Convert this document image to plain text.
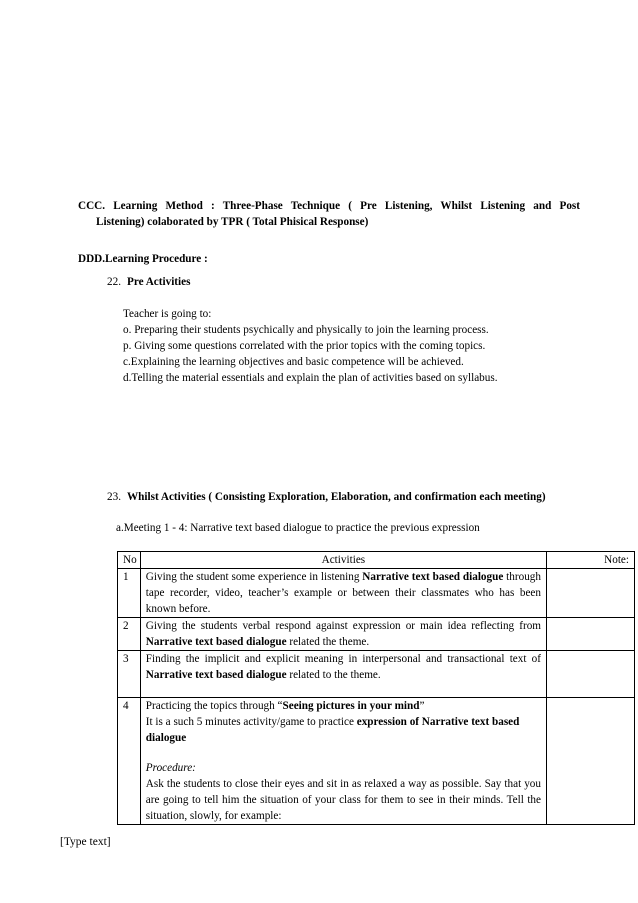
CCC. Learning Method : Three-Phase Technique ( Pre Listening, Whilst Listening and Post
Listening) colaborated by TPR ( Total Phisical Response)
DDD.Learning Procedure :
22. Pre Activities
Teacher is going to:
o. Preparing their students psychically and physically to join the learning process.
p. Giving some questions correlated with the prior topics with the coming topics.
c.Explaining the learning objectives and basic competence will be achieved.
d.Telling the material essentials and explain the plan of activities based on syllabus.
23. Whilst Activities ( Consisting Exploration, Elaboration, and confirmation each meeting)
a.Meeting 1 - 4: Narrative text based dialogue to practice the previous expression
No	Activities	Note:
1	Giving the student some experience in listening Narrative text based dialogue through tape recorder, video, teacher’s example or between their classmates who has been known before.	
2	Giving the students verbal respond against expression or main idea reflecting from Narrative text based dialogue related the theme.	
3	Finding the implicit and explicit meaning in interpersonal and transactional text of Narrative text based dialogue related to the theme.

4	Practicing the topics through “Seeing pictures in your mind”
It is a such 5 minutes activity/game to practice expression of Narrative text based dialogue
Procedure:
Ask the students to close their eyes and sit in as relaxed a way as possible. Say that you are going to tell him the situation of your class for them to see in their minds. Tell the situation, slowly, for example:	

[Type text]
